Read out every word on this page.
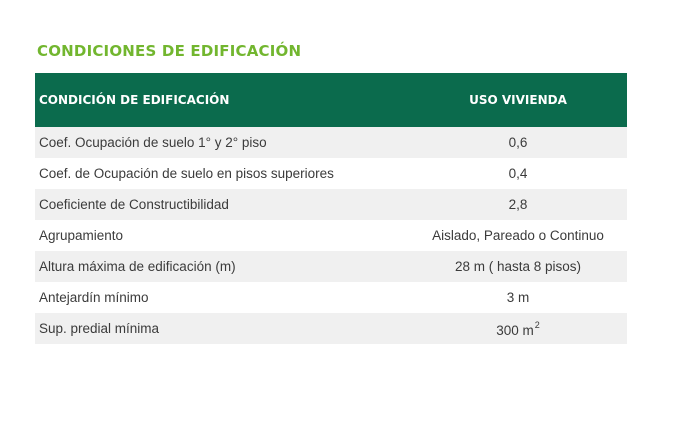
CONDICIONES DE EDIFICACIÓN
CONDICIÓN DE EDIFICACIÓN	USO VIVIENDA
Coef. Ocupación de suelo 1° y 2° piso	0,6
Coef. de Ocupación de suelo en pisos superiores	0,4
Coeficiente de Constructibilidad	2,8
Agrupamiento	Aislado, Pareado o Continuo
Altura máxima de edificación (m)	28 m ( hasta 8 pisos)
Antejardín mínimo	3 m
Sup. predial mínima	300 $m^2$
